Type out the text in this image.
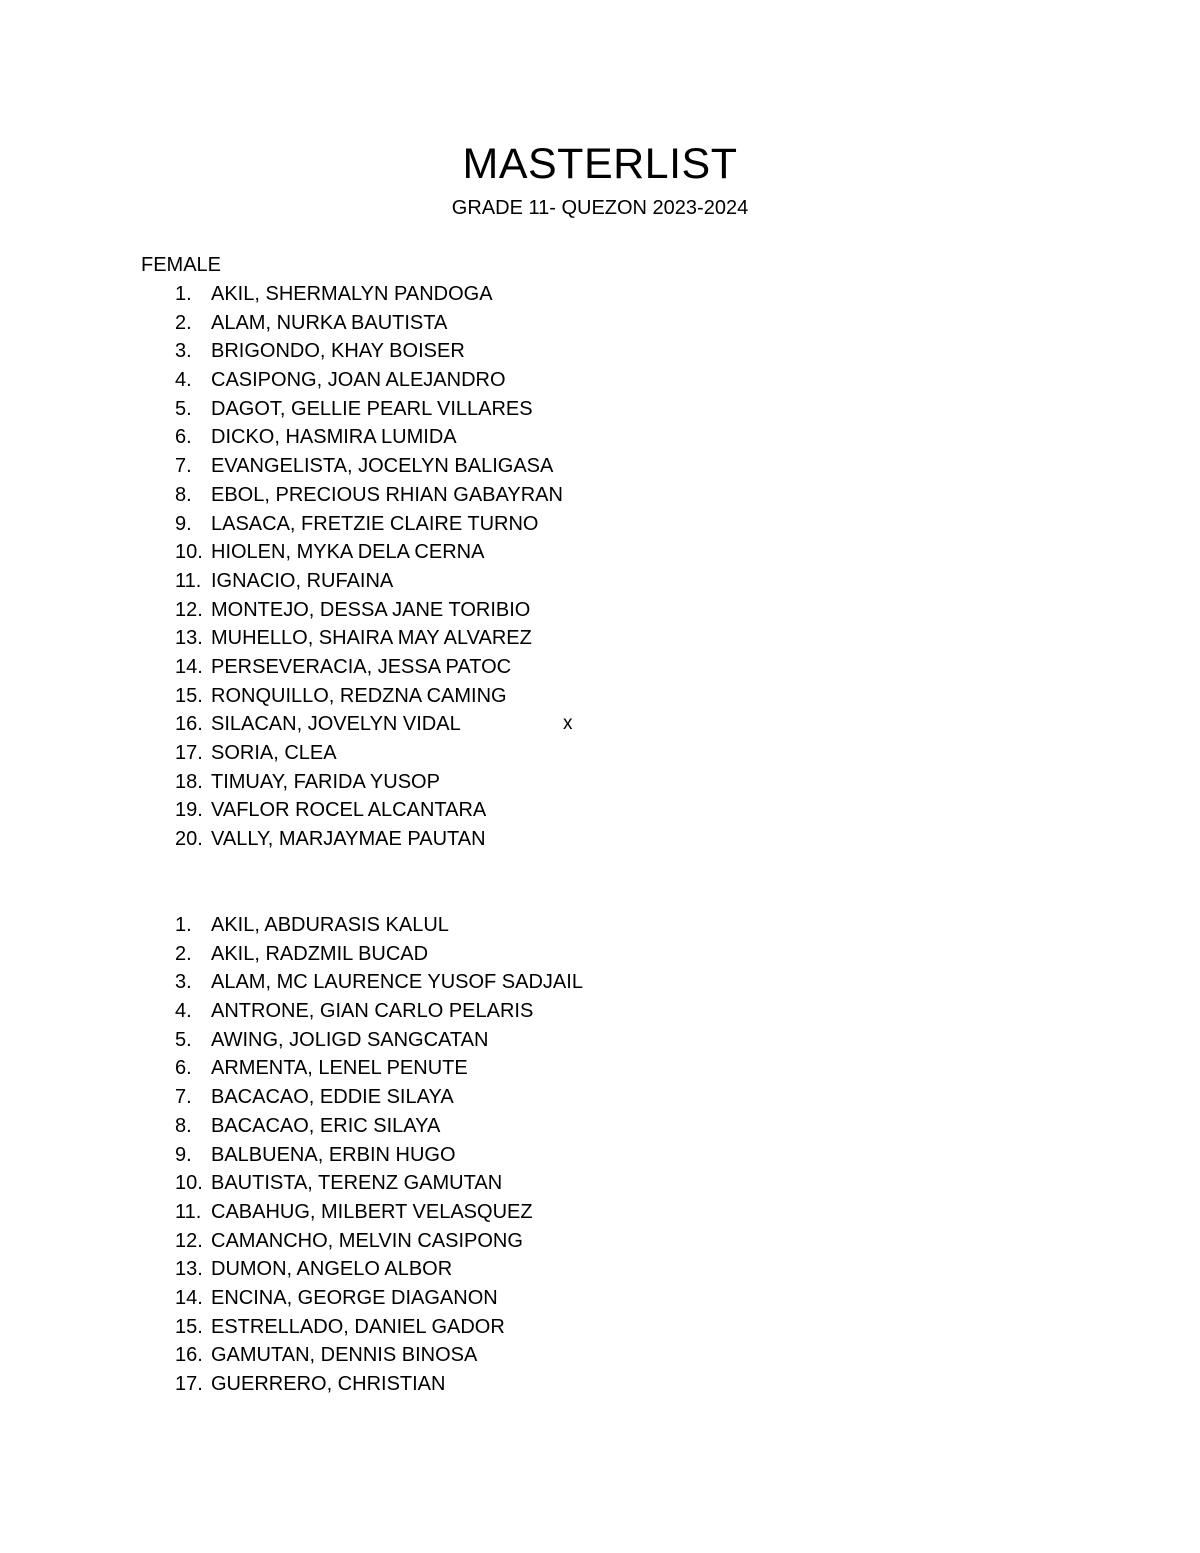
MASTERLIST
GRADE 11- QUEZON 2023-2024
FEMALE
1. AKIL, SHERMALYN PANDOGA
2. ALAM, NURKA BAUTISTA
3. BRIGONDO, KHAY BOISER
4. CASIPONG, JOAN ALEJANDRO
5. DAGOT, GELLIE PEARL VILLARES
6. DICKO, HASMIRA LUMIDA
7. EVANGELISTA, JOCELYN BALIGASA
8. EBOL, PRECIOUS RHIAN GABAYRAN
9. LASACA, FRETZIE CLAIRE TURNO
10. HIOLEN, MYKA DELA CERNA
11. IGNACIO, RUFAINA
12. MONTEJO, DESSA JANE TORIBIO
13. MUHELLO, SHAIRA MAY ALVAREZ
14. PERSEVERACIA, JESSA PATOC
15. RONQUILLO, REDZNA CAMING
16. SILACAN, JOVELYN VIDAL	x
17. SORIA, CLEA
18. TIMUAY, FARIDA YUSOP
19. VAFLOR ROCEL ALCANTARA
20. VALLY, MARJAYMAE PAUTAN
1. AKIL, ABDURASIS KALUL
2. AKIL, RADZMIL BUCAD
3. ALAM, MC LAURENCE YUSOF SADJAIL
4. ANTRONE, GIAN CARLO PELARIS
5. AWING, JOLIGD SANGCATAN
6. ARMENTA, LENEL PENUTE
7. BACACAO, EDDIE SILAYA
8. BACACAO, ERIC SILAYA
9. BALBUENA, ERBIN HUGO
10. BAUTISTA, TERENZ GAMUTAN
11. CABAHUG, MILBERT VELASQUEZ
12. CAMANCHO, MELVIN CASIPONG
13. DUMON, ANGELO ALBOR
14. ENCINA, GEORGE DIAGANON
15. ESTRELLADO, DANIEL GADOR
16. GAMUTAN, DENNIS BINOSA
17. GUERRERO, CHRISTIAN
